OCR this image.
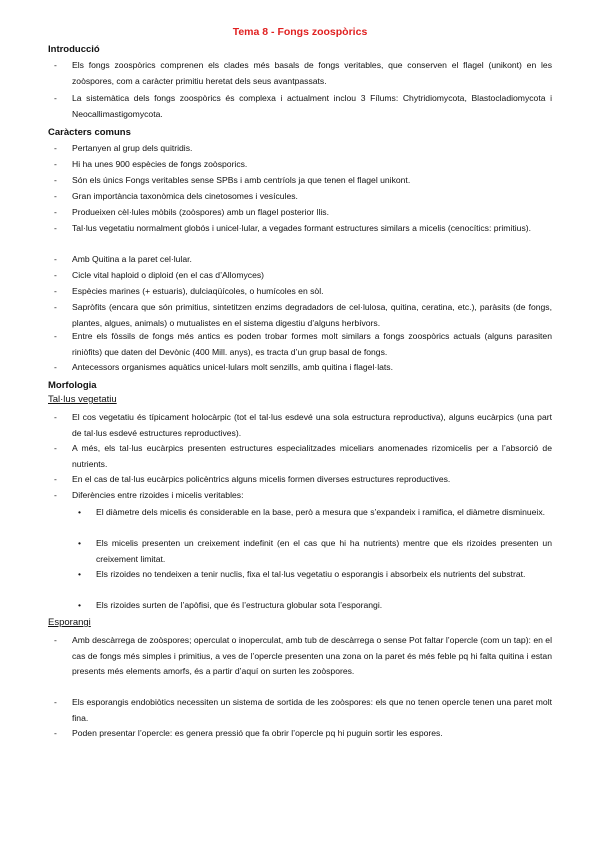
Tema 8 - Fongs zoospòrics
Introducció
- Els fongs zoospòrics comprenen els clades més basals de fongs veritables, que conserven el flagel (unikont) en les zoòspores, com a caràcter primitiu heretat dels seus avantpassats.
- La sistemàtica dels fongs zoospòrics és complexa i actualment inclou 3 Fílums: Chytridiomycota, Blastocladiomycota i Neocallimastigomycota.
Caràcters comuns
- Pertanyen al grup dels quitridis.
- Hi ha unes 900 espècies de fongs zoòsporics.
- Són els únics Fongs veritables sense SPBs i amb centríols ja que tenen el flagel unikont.
- Gran importància taxonòmica dels cinetosomes i vesícules.
- Produeixen cèl·lules mòbils (zoòspores) amb un flagel posterior llis.
- Tal·lus vegetatiu normalment globós i unicel·lular, a vegades formant estructures similars a micelis (cenocítics: primitius).
- Amb Quitina a la paret cel·lular.
- Cicle vital haploid o diploid (en el cas d’Allomyces)
- Espècies marines (+ estuaris), dulciaqüícoles, o humícoles en sòl.
- Sapròfits (encara que són primitius, sintetitzen enzims degradadors de cel·lulosa, quitina, ceratina, etc.), paràsits (de fongs, plantes, algues, animals) o mutualistes en el sistema digestiu d’alguns herbívors.
- Entre els fòssils de fongs més antics es poden trobar formes molt similars a fongs zoospòrics actuals (alguns parasiten riniòfits) que daten del Devònic (400 Mill. anys), es tracta d’un grup basal de fongs.
- Antecessors organismes aquàtics unicel·lulars molt senzills, amb quitina i flagel·lats.
Morfologia
Tal·lus vegetatiu
- El cos vegetatiu és típicament holocàrpic (tot el tal·lus esdevé una sola estructura reproductiva), alguns eucàrpics (una part de tal·lus esdevé estructures reproductives).
- A més, els tal·lus eucàrpics presenten estructures especialitzades miceliars anomenades rizomicelis per a l’absorció de nutrients.
- En el cas de tal·lus eucàrpics policèntrics alguns micelis formen diverses estructures reproductives.
- Diferències entre rizoides i micelis veritables:
• El diàmetre dels micelis és considerable en la base, però a mesura que s’expandeix i ramifica, el diàmetre disminueix.
• Els micelis presenten un creixement indefinit (en el cas que hi ha nutrients) mentre que els rizoides presenten un creixement limitat.
• Els rizoides no tendeixen a tenir nuclis, fixa el tal·lus vegetatiu o esporangis i absorbeix els nutrients del substrat.
• Els rizoides surten de l’apòfisi, que és l’estructura globular sota l’esporangi.
Esporangi
- Amb descàrrega de zoòspores; operculat o inoperculat, amb tub de descàrrega o sense Pot faltar l’opercle (com un tap): en el cas de fongs més simples i primitius, a ves de l’opercle presenten una zona on la paret és més feble pq hi falta quitina i estan presents més elements amorfs, és a partir d’aquí on surten les zoòspores.
- Els esporangis endobiòtics necessiten un sistema de sortida de les zoòspores: els que no tenen opercle tenen una paret molt fina.
- Poden presentar l’opercle: es genera pressió que fa obrir l’opercle pq hi puguin sortir les espores.
